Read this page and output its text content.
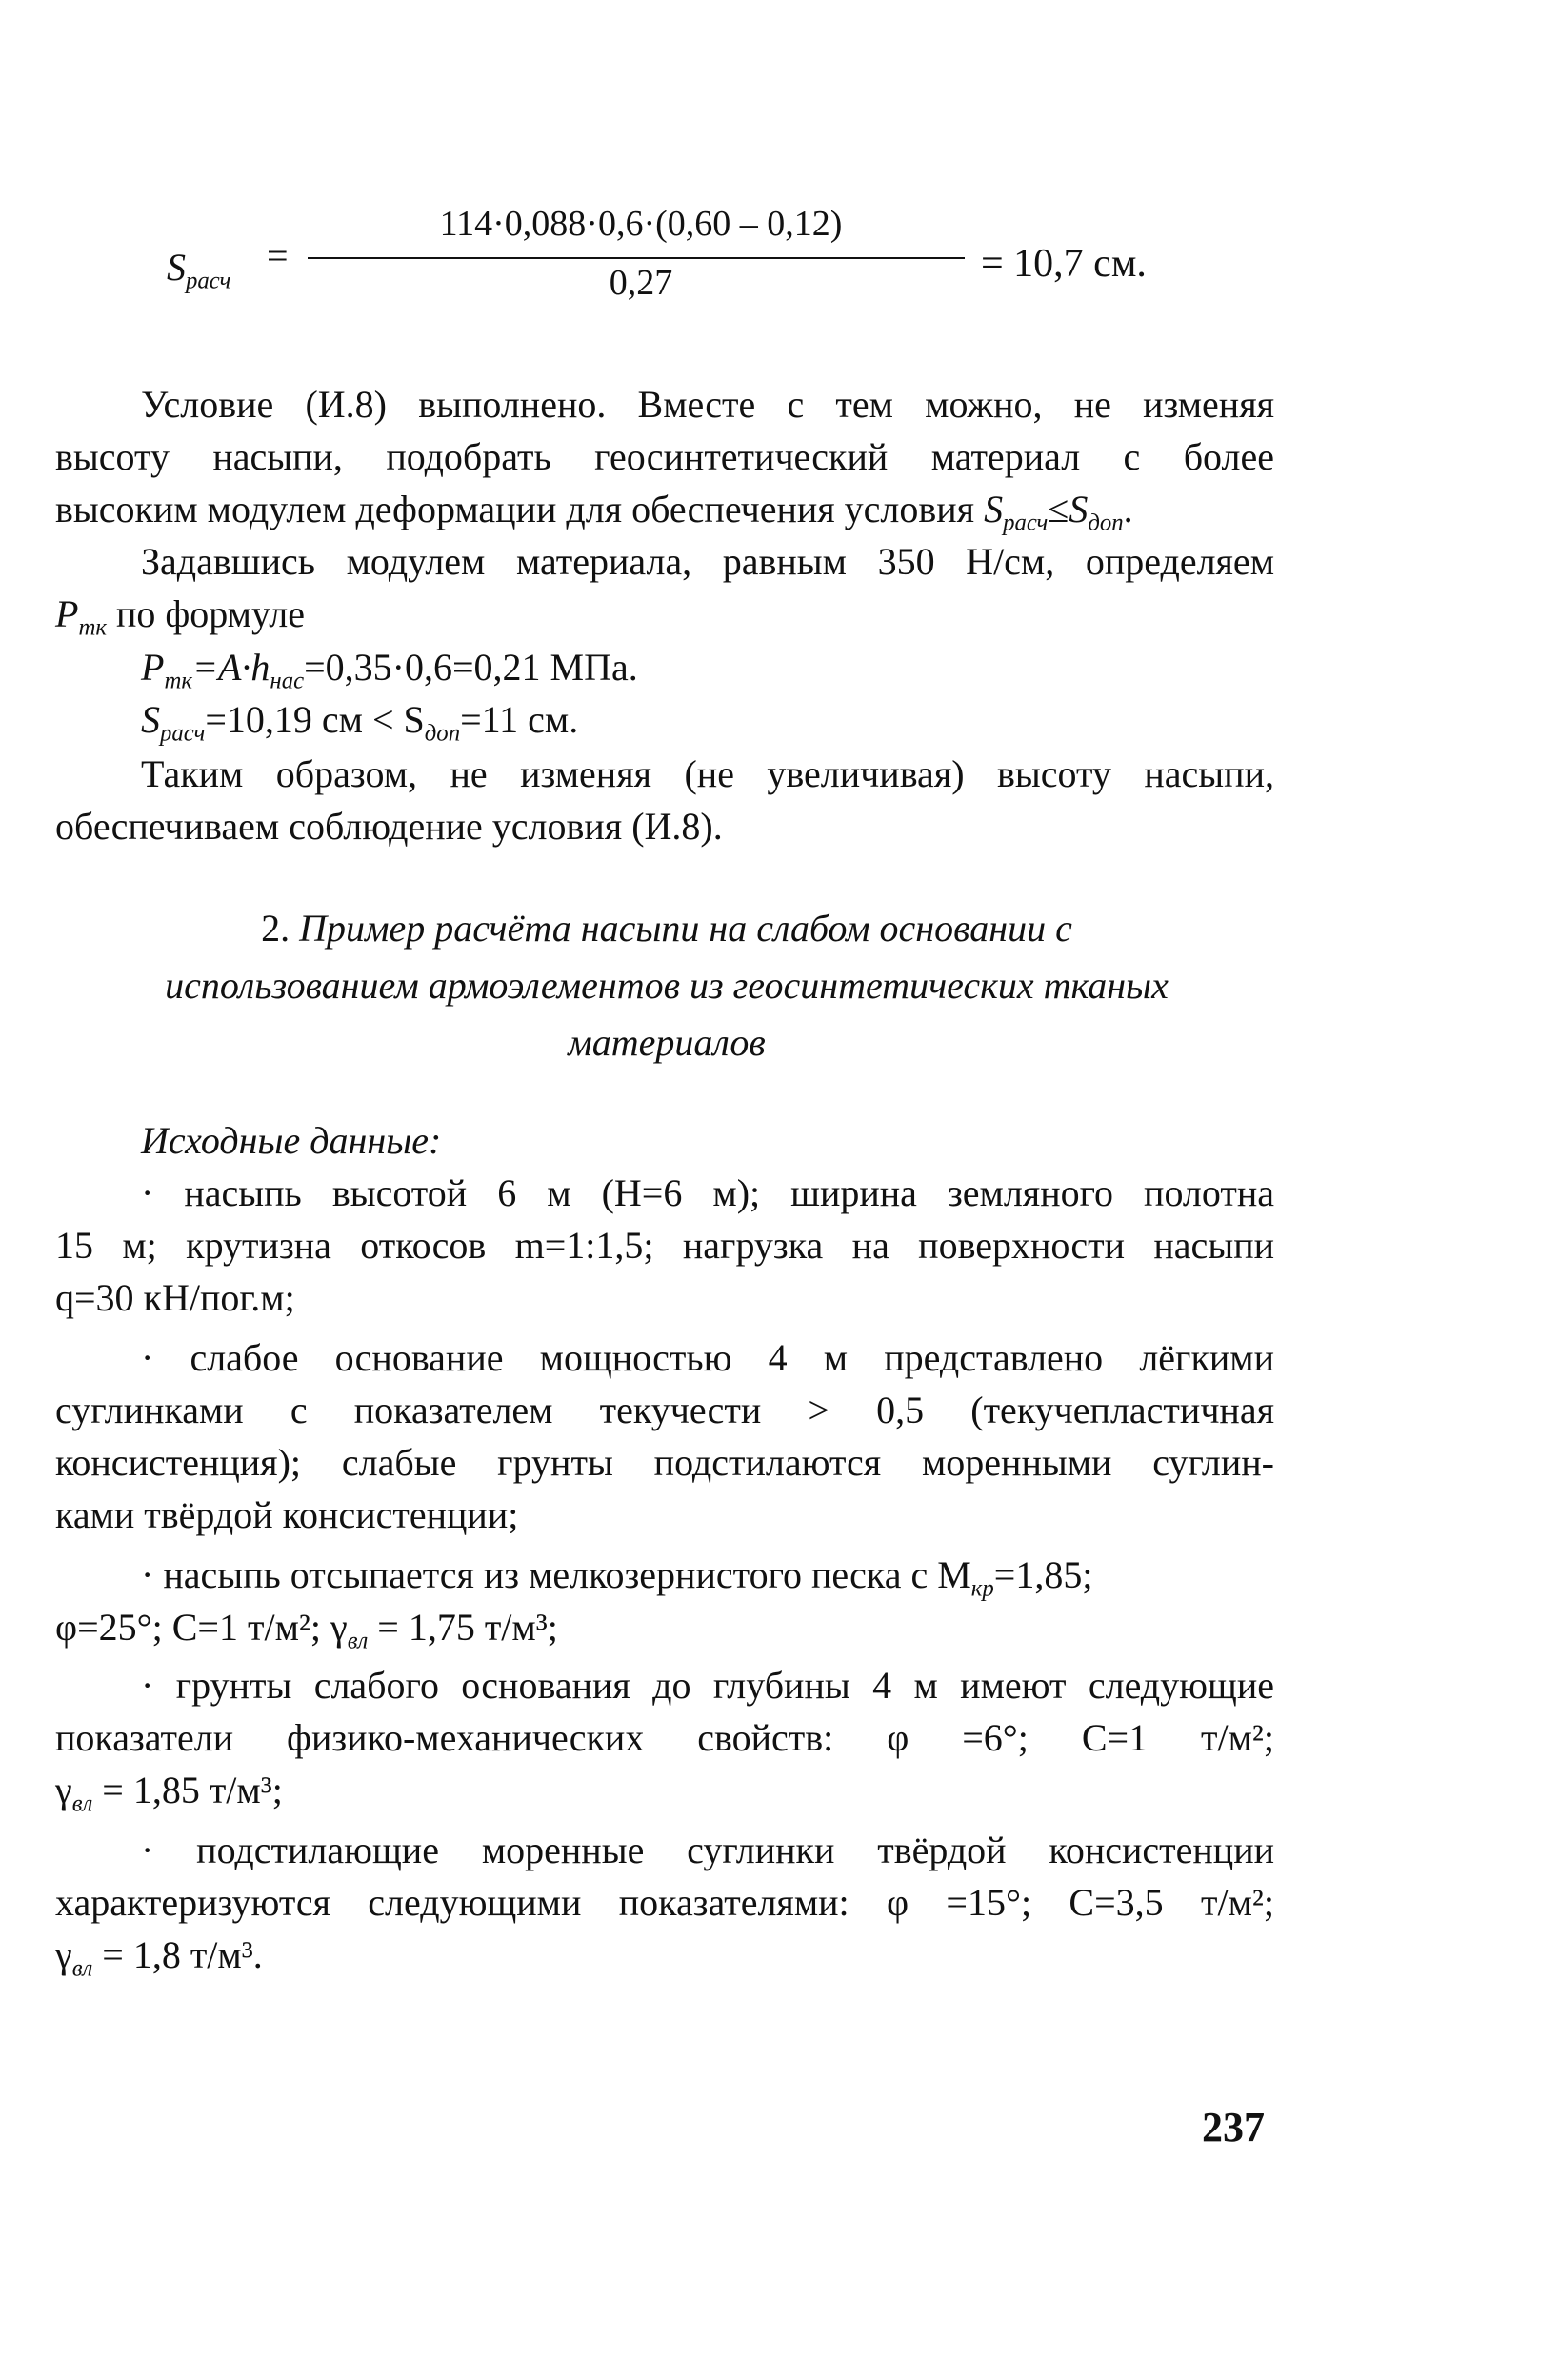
$S_{расч}$
=
114·0,088·0,6·(0,60 – 0,12)
0,27	= 10,7 см.
Условие (И.8) выполнено. Вместе с тем можно, не изменяя
высоту насыпи, подобрать геосинтетический материал с более
высоким модулем деформации для обеспечения условия $S_{расч}\le S_{доп}$.
Задавшись модулем материала, равным 350 Н/см, определяем
$P_{тк}$ по формуле
$P_{тк}=A\cdot h_{нас}=0,35\cdot 0,6=0,21$ МПа.
$S_{расч}=10,19$ см < $S_{доп}=11$ см.
Таким образом, не изменяя (не увеличивая) высоту насыпи,
обеспечиваем соблюдение условия (И.8).
2. Пример расчёта насыпи на слабом основании с
использованием армоэлементов из геосинтетических тканых
материалов
Исходные данные:
· насыпь высотой 6 м (H=6 м); ширина земляного полотна
15 м; крутизна откосов m=1:1,5; нагрузка на поверхности насыпи
q=30 кН/пог.м;
· слабое основание мощностью 4 м представлено лёгкими
суглинками с показателем текучести > 0,5 (текучепластичная
консистенция); слабые грунты подстилаются моренными суглин-
ками твёрдой консистенции;
· насыпь отсыпается из мелкозернистого песка с $M_{кр}=1,85$;
φ=25°; C=1 т/м²; $\gamma_{вл} = 1,75$ т/м³;
· грунты слабого основания до глубины 4 м имеют следующие
показатели физико-механических свойств: φ =6°; C=1 т/м²;
$\gamma_{вл} = 1,85$ т/м³;
· подстилающие моренные суглинки твёрдой консистенции
характеризуются следующими показателями: φ =15°; C=3,5 т/м²;
$\gamma_{вл} = 1,8$ т/м³.
237
